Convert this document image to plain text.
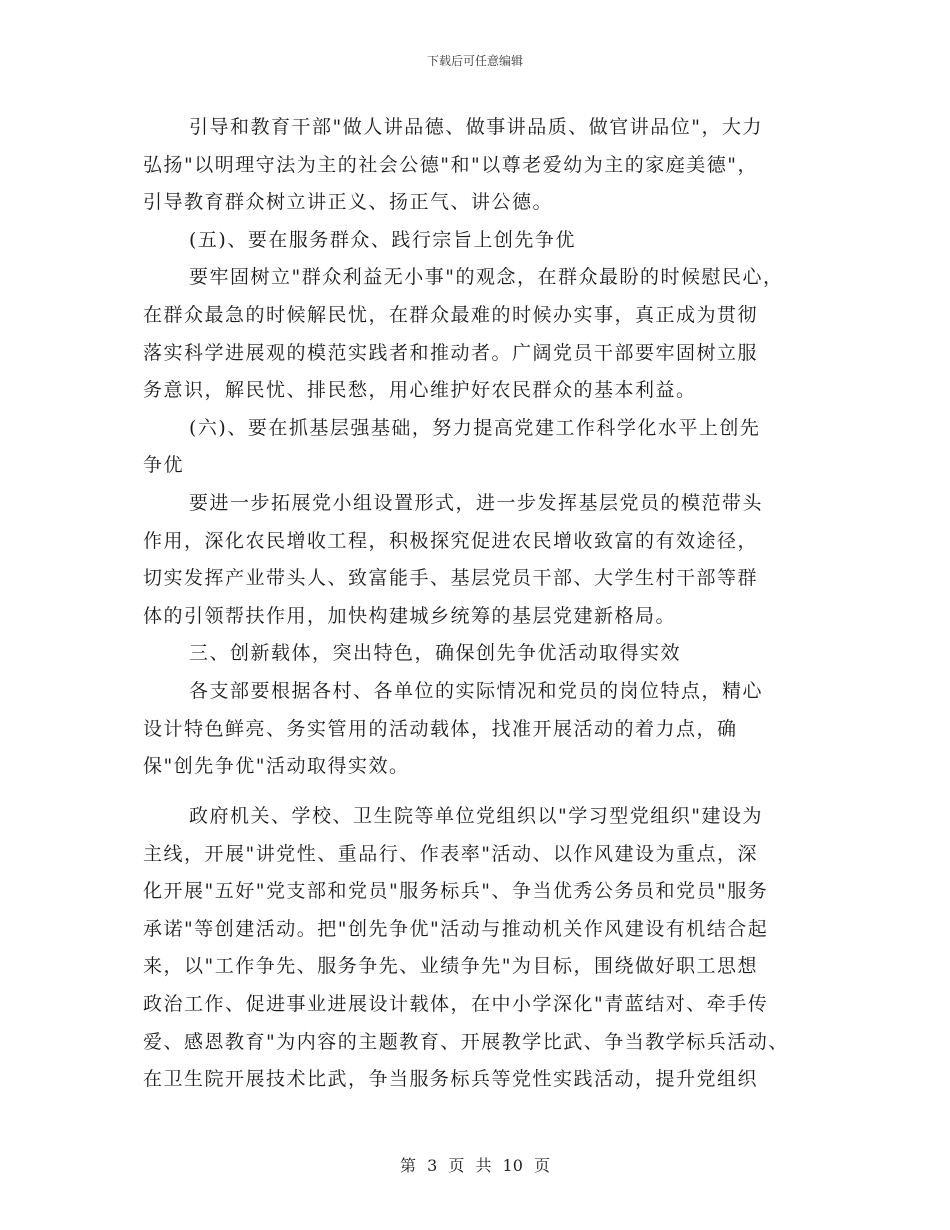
下载后可任意编辑
引导和教育干部"做人讲品德、做事讲品质、做官讲品位"，大力
弘扬"以明理守法为主的社会公德"和"以尊老爱幼为主的家庭美德"，
引导教育群众树立讲正义、扬正气、讲公德。
(五)、要在服务群众、践行宗旨上创先争优
要牢固树立"群众利益无小事"的观念，在群众最盼的时候慰民心，
在群众最急的时候解民忧，在群众最难的时候办实事，真正成为贯彻
落实科学进展观的模范实践者和推动者。广阔党员干部要牢固树立服
务意识，解民忧、排民愁，用心维护好农民群众的基本利益。
(六)、要在抓基层强基础，努力提高党建工作科学化水平上创先
争优
要进一步拓展党小组设置形式，进一步发挥基层党员的模范带头
作用，深化农民增收工程，积极探究促进农民增收致富的有效途径，
切实发挥产业带头人、致富能手、基层党员干部、大学生村干部等群
体的引领帮扶作用，加快构建城乡统筹的基层党建新格局。
三、创新载体，突出特色，确保创先争优活动取得实效
各支部要根据各村、各单位的实际情况和党员的岗位特点，精心
设计特色鲜亮、务实管用的活动载体，找准开展活动的着力点，确
保"创先争优"活动取得实效。
政府机关、学校、卫生院等单位党组织以"学习型党组织"建设为
主线，开展"讲党性、重品行、作表率"活动、以作风建设为重点，深
化开展"五好"党支部和党员"服务标兵"、争当优秀公务员和党员"服务
承诺"等创建活动。把"创先争优"活动与推动机关作风建设有机结合起
来，以"工作争先、服务争先、业绩争先"为目标，围绕做好职工思想
政治工作、促进事业进展设计载体，在中小学深化"青蓝结对、牵手传
爱、感恩教育"为内容的主题教育、开展教学比武、争当教学标兵活动、
在卫生院开展技术比武，争当服务标兵等党性实践活动，提升党组织
第 3 页 共 10 页
